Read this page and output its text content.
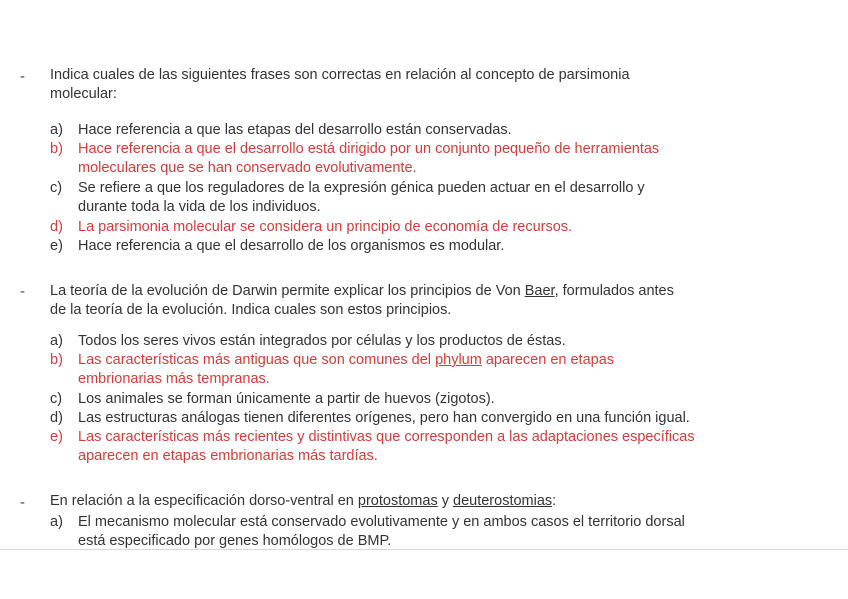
- Indica cuales de las siguientes frases son correctas en relación al concepto de parsimonia
molecular:
a) Hace referencia a que las etapas del desarrollo están conservadas.
b) Hace referencia a que el desarrollo está dirigido por un conjunto pequeño de herramientas
moleculares que se han conservado evolutivamente.
c) Se refiere a que los reguladores de la expresión génica pueden actuar en el desarrollo y
durante toda la vida de los individuos.
d) La parsimonia molecular se considera un principio de economía de recursos.
e) Hace referencia a que el desarrollo de los organismos es modular.
- La teoría de la evolución de Darwin permite explicar los principios de Von Baer, formulados antes
de la teoría de la evolución. Indica cuales son estos principios.
a) Todos los seres vivos están integrados por células y los productos de éstas.
b) Las características más antiguas que son comunes del phylum aparecen en etapas
embrionarias más tempranas.
c) Los animales se forman únicamente a partir de huevos (zigotos).
d) Las estructuras análogas tienen diferentes orígenes, pero han convergido en una función igual.
e) Las características más recientes y distintivas que corresponden a las adaptaciones específicas
aparecen en etapas embrionarias más tardías.
- En relación a la especificación dorso-ventral en protostomas y deuterostomias:
a) El mecanismo molecular está conservado evolutivamente y en ambos casos el territorio dorsal
está especificado por genes homólogos de BMP.
